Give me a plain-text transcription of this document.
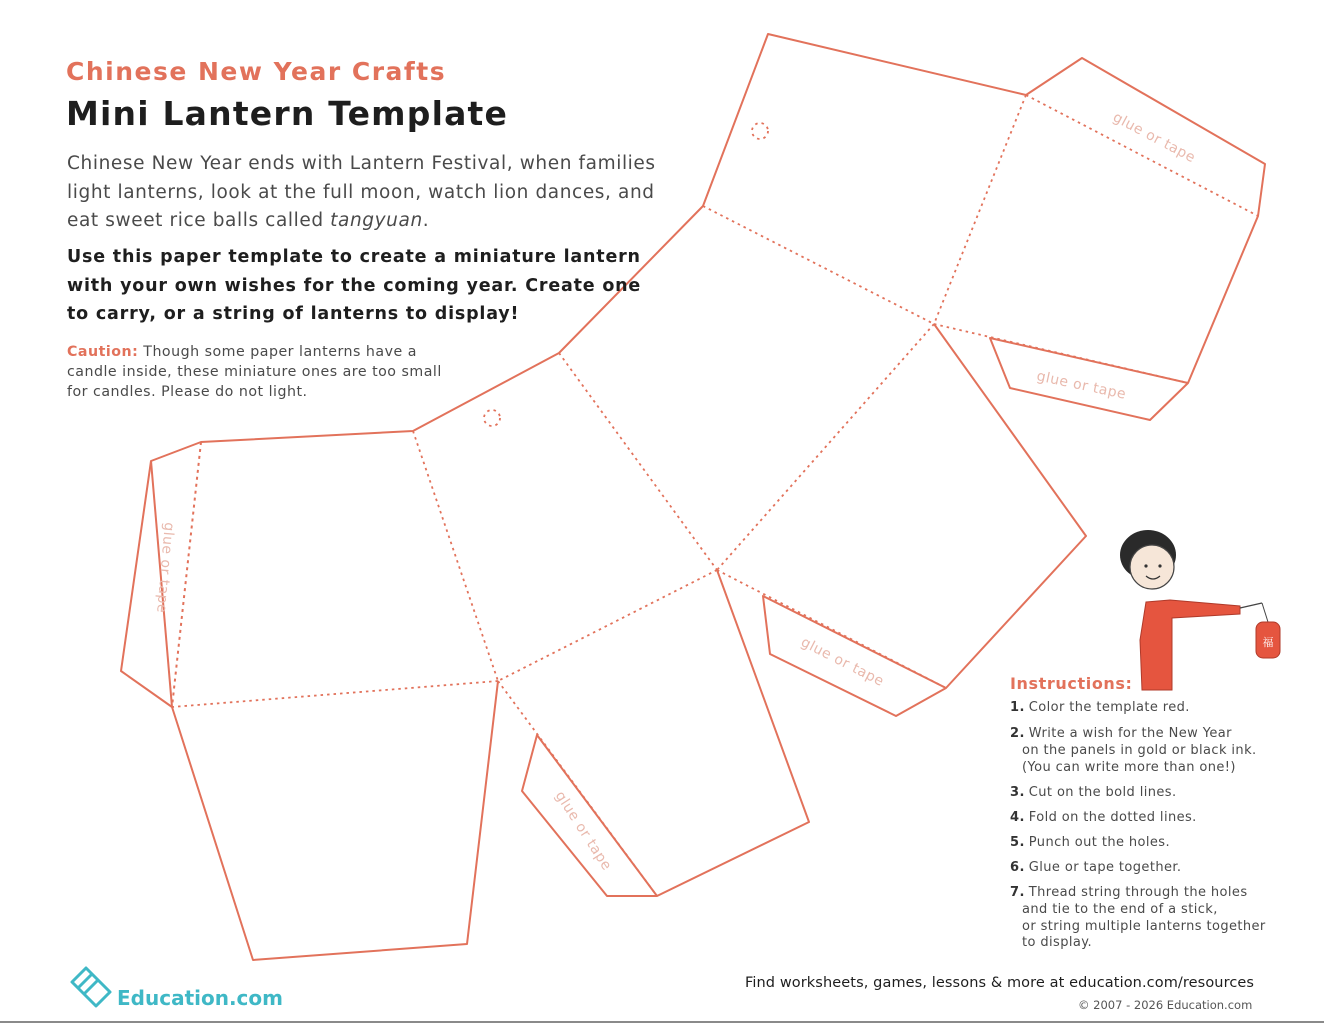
glue or tape
glue or tape
glue or tape
glue or tape
glue or tape
福
Chinese New Year Crafts
Mini Lantern Template
Chinese New Year ends with Lantern Festival, when families light lanterns, look at the full moon, watch lion dances, and eat sweet rice balls called tangyuan.
Use this paper template to create a miniature lantern with your own wishes for the coming year. Create one to carry, or a string of lanterns to display!
Caution: Though some paper lanterns have a candle inside, these miniature ones are too small for candles. Please do not light.
Instructions:
1. Color the template red.
2. Write a wish for the New Year
on the panels in gold or black ink.
(You can write more than one!)
3. Cut on the bold lines.
4. Fold on the dotted lines.
5. Punch out the holes.
6. Glue or tape together.
7. Thread string through the holes
and tie to the end of a stick,
or string multiple lanterns together
to display.
Education.com
Find worksheets, games, lessons & more at education.com/resources
© 2007 - 2026 Education.com
